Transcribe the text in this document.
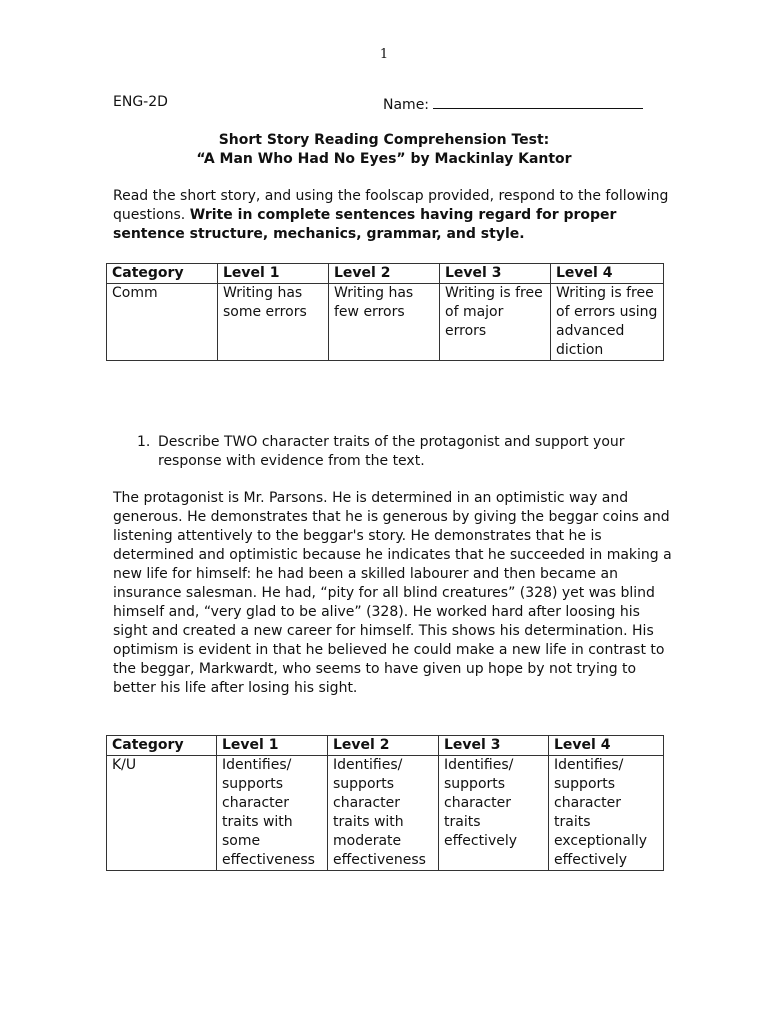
1
ENG-2D	Name:
Short Story Reading Comprehension Test:
“A Man Who Had No Eyes” by Mackinlay Kantor
Read the short story, and using the foolscap provided, respond to the following questions. Write in complete sentences having regard for proper sentence structure, mechanics, grammar, and style.
Category	Level 1	Level 2	Level 3	Level 4
Comm	Writing has some errors	Writing has few errors	Writing is free of major errors	Writing is free of errors using advanced diction
1. Describe TWO character traits of the protagonist and support your response with evidence from the text.
The protagonist is Mr. Parsons. He is determined in an optimistic way and generous. He demonstrates that he is generous by giving the beggar coins and listening attentively to the beggar's story. He demonstrates that he is determined and optimistic because he indicates that he succeeded in making a new life for himself: he had been a skilled labourer and then became an insurance salesman. He had, “pity for all blind creatures” (328) yet was blind himself and, “very glad to be alive” (328). He worked hard after loosing his sight and created a new career for himself. This shows his determination. His optimism is evident in that he believed he could make a new life in contrast to the beggar, Markwardt, who seems to have given up hope by not trying to better his life after losing his sight.
Category	Level 1	Level 2	Level 3	Level 4
K/U	Identifies/ supports character traits with some effectiveness	Identifies/ supports character traits with moderate effectiveness	Identifies/ supports character traits effectively	Identifies/ supports character traits exceptionally effectively
